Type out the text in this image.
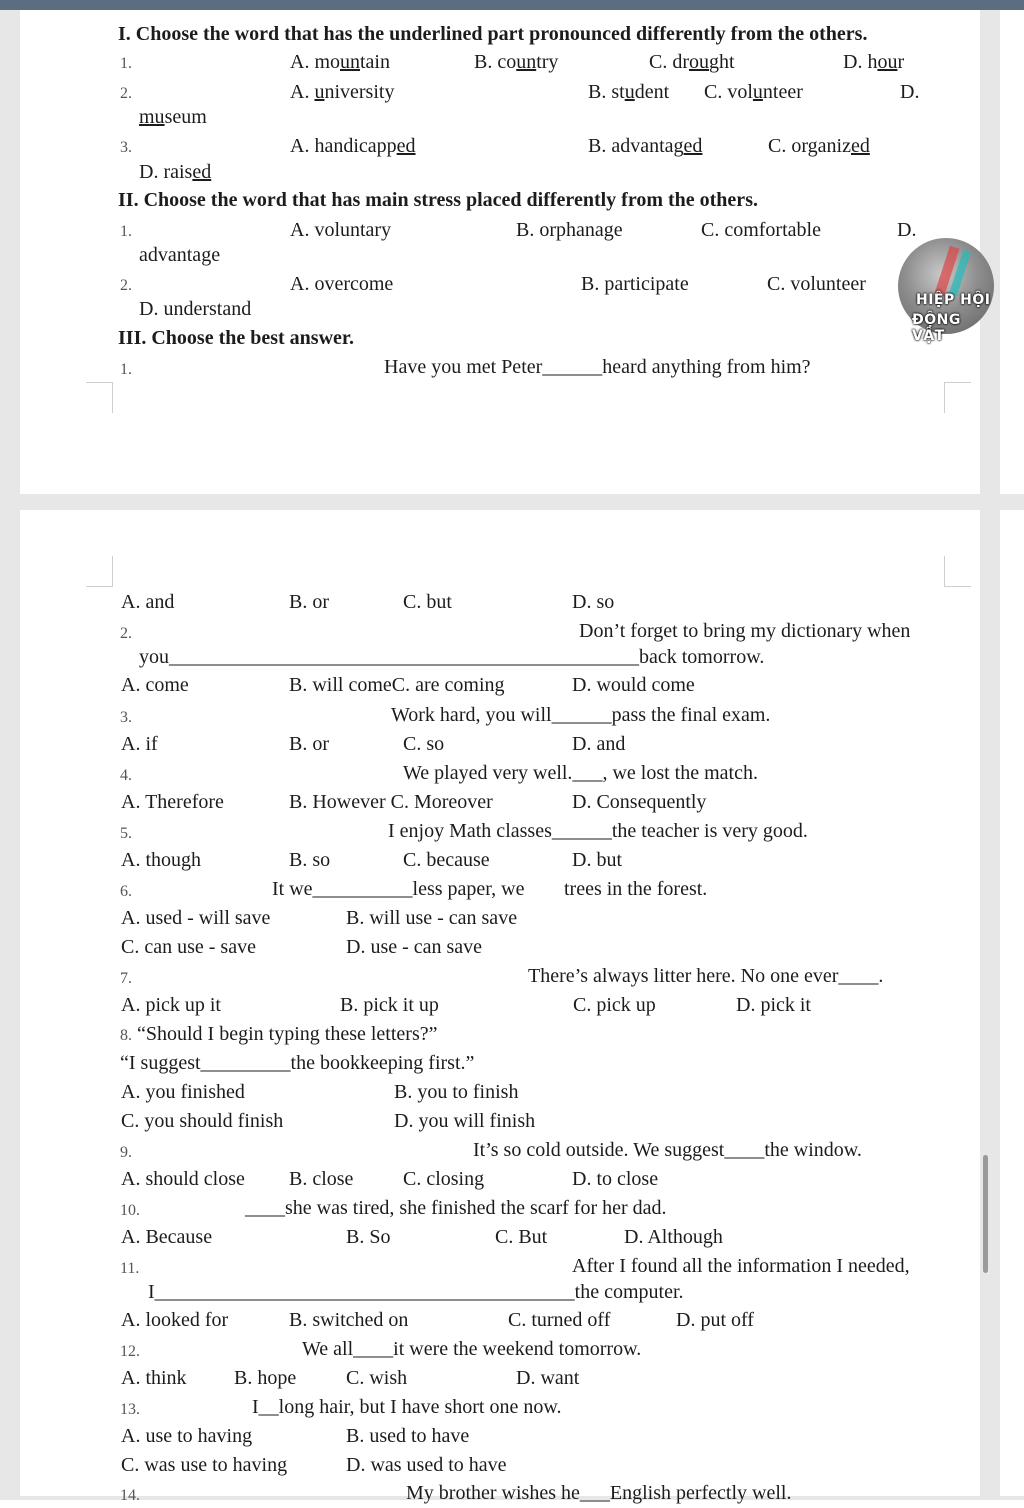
I. Choose the word that has the underlined part pronounced differently from the others.
1.	A. mountain	B. country	C. drought	D. hour
2.	A. university	B. student C. volunteer	D.
museum
3.	A. handicapped	B. advantaged	C. organized
D. raised
II. Choose the word that has main stress placed differently from the others.
1.	A. voluntary	B. orphanage	C. comfortable	D.
advantage
2.	A. overcome	B. participate	C. volunteer
D. understand	HIỆP HỘI
ĐỘNG VẬT
III. Choose the best answer.
1.	Have you met Peter______heard anything from him?
A. and	B. or	C. but	D. so
2.	Don’t forget to bring my dictionary when
you_______________________________________________back tomorrow.
A. come	B. will comeC. are coming	D. would come
3.	Work hard, you will______pass the final exam.
A. if	B. or	C. so	D. and
4.	We played very well.___, we lost the match.
A. Therefore	B. However C. Moreover	D. Consequently
5.	I enjoy Math classes______the teacher is very good.
A. though	B. so	C. because	D. but
6.	It we__________less paper, we trees in the forest.
A. used - will save	B. will use - can save
C. can use - save	D. use - can save
7.	There’s always litter here. No one ever____.
A. pick up it	B. pick it up	C. pick up	D. pick it
8. “Should I begin typing these letters?”
“I suggest_________the bookkeeping first.”
A. you finished	B. you to finish
C. you should finish	D. you will finish
9.	It’s so cold outside. We suggest____the window.
A. should close B. close C. closing	D. to close
10.	____she was tired, she finished the scarf for her dad.
A. Because	B. So	C. But	D. Although
11.	After I found all the information I needed,
I__________________________________________the computer.
A. looked for	B. switched on	C. turned off	D. put off
12.	We all____it were the weekend tomorrow.
A. think B. hope C. wish	D. want
13.	I__long hair, but I have short one now.
A. use to having	B. used to have
C. was use to having	D. was used to have
14.	My brother wishes he___English perfectly well.
